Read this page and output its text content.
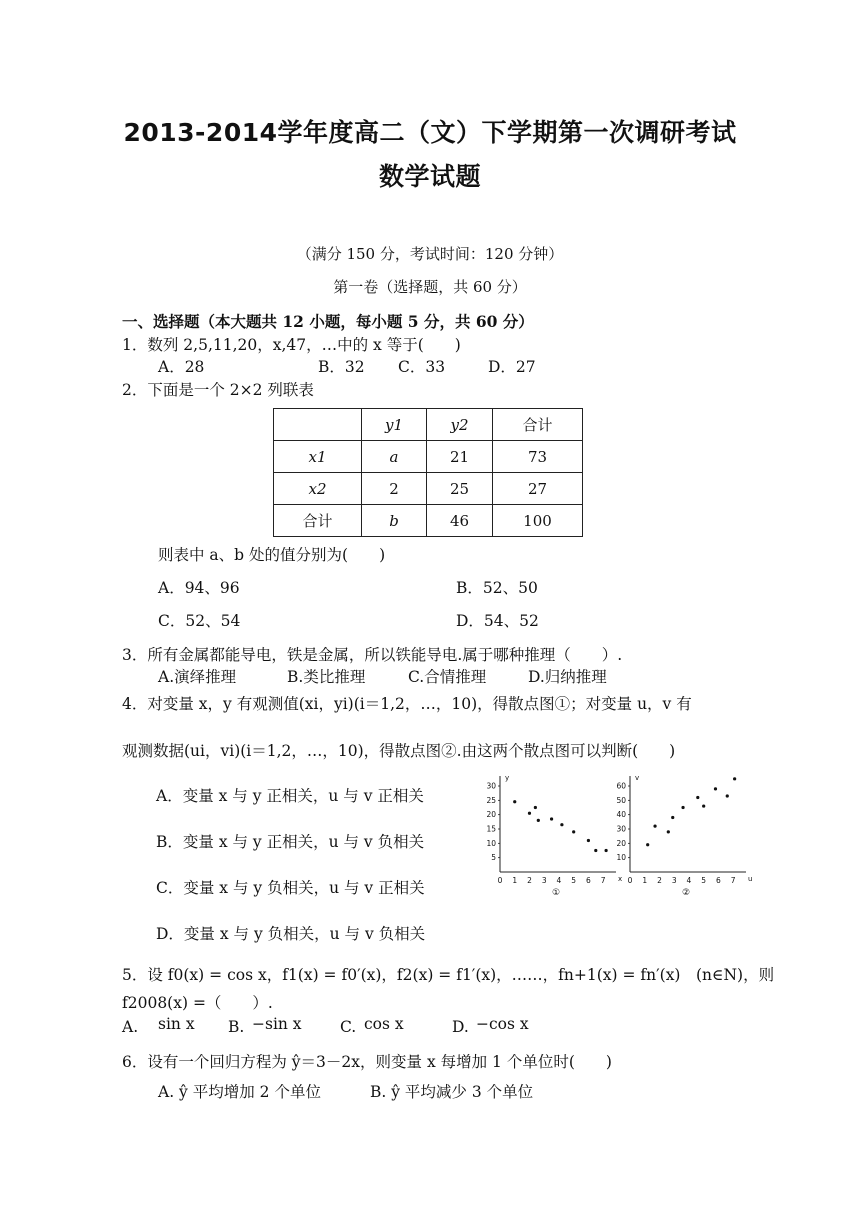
2013-2014学年度高二（文）下学期第一次调研考试
数学试题
（满分 150 分，考试时间：120 分钟）
第一卷（选择题，共 60 分）
一、选择题（本大题共 12 小题，每小题 5 分，共 60 分）
1．数列 2,5,11,20，x,47，…中的 x 等于(　　)
A．28	B．32 C．33	D．27
2．下面是一个 2×2 列联表
	y1	y2	合计
x1	a	21	73
x2	2	25	27
合计	b	46	100
则表中 a、b 处的值分别为(　　)
A．94、96	B．52、50
C．52、54	D．54、52
3．所有金属都能导电，铁是金属，所以铁能导电.属于哪种推理（　　）.
A.演绎推理	B.类比推理	C.合情推理	D.归纳推理
4．对变量 x，y 有观测值(xi，yi)(i＝1,2，…，10)，得散点图①；对变量 u，v 有
观测数据(ui，vi)(i＝1,2，…，10)，得散点图②.由这两个散点图可以判断(　　)
A．变量 x 与 y 正相关，u 与 v 正相关
B．变量 x 与 y 正相关，u 与 v 负相关
C．变量 x 与 y 负相关，u 与 v 正相关
D．变量 x 与 y 负相关，u 与 v 负相关
0 1 2 3 4 5 6 7
5
10
15
20
25
30
y
x
①
0 1 2 3 4 5 6 7
10
20
30
40
50
60
v
u
②
5．设 f0(x) = cos x，f1(x) = f0′(x)，f2(x) = f1′(x)，……，fn+1(x) = fn′(x)　(n∈N)，则
f2008(x) =（　　）.
A. sin x B. −sin x C. cos x	D. −cos x
6．设有一个回归方程为 ŷ＝3－2x，则变量 x 每增加 1 个单位时(　　)
A. ŷ 平均增加 2 个单位	B. ŷ 平均减少 3 个单位
